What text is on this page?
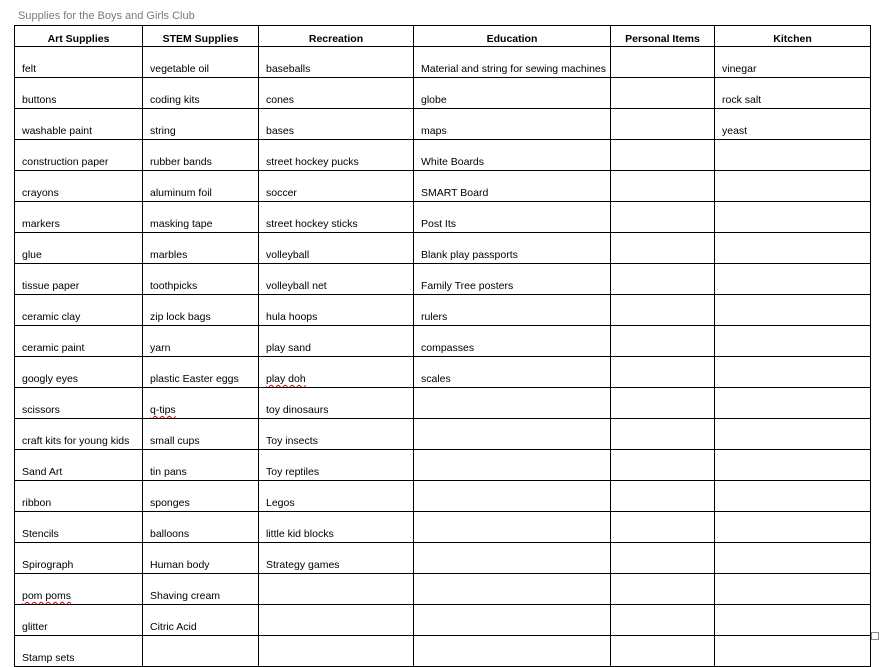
Supplies for the Boys and Girls Club
Art Supplies	STEM Supplies	Recreation	Education	Personal Items	Kitchen

felt	vegetable oil	baseballs	Material and string for sewing machines		vinegar

buttons	coding kits	cones	globe		rock salt

washable paint	string	bases	maps		yeast

construction paper	rubber bands	street hockey pucks	White Boards		

crayons	aluminum foil	soccer	SMART Board		

markers	masking tape	street hockey sticks	Post Its		

glue	marbles	volleyball	Blank play passports		

tissue paper	toothpicks	volleyball net	Family Tree posters		

ceramic clay	zip lock bags	hula hoops	rulers		

ceramic paint	yarn	play sand	compasses		

googly eyes	plastic Easter eggs	play doh	scales		

scissors	q-tips	toy dinosaurs			

craft kits for young kids	small cups	Toy insects			

Sand Art	tin pans	Toy reptiles			

ribbon	sponges	Legos			

Stencils	balloons	little kid blocks			

Spirograph	Human body	Strategy games			

pom poms	Shaving cream				

glitter	Citric Acid				

Stamp sets					
